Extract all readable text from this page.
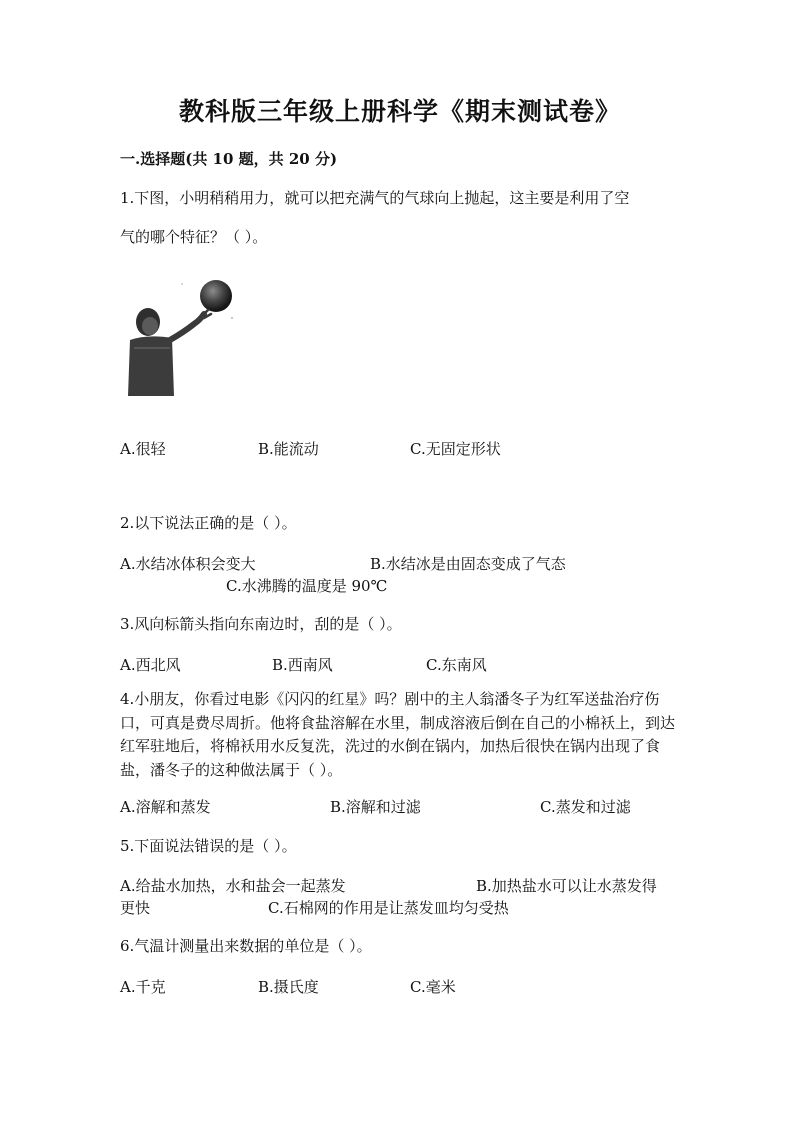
教科版三年级上册科学《期末测试卷》
一.选择题(共 10 题，共 20 分)
1.下图，小明稍稍用力，就可以把充满气的气球向上抛起，这主要是利用了空
气的哪个特征？（ ）。
A.很轻	B.能流动	C.无固定形状
2.以下说法正确的是（ ）。
A.水结冰体积会变大	B.水结冰是由固态变成了气态
C.水沸腾的温度是 90℃
3.风向标箭头指向东南边时，刮的是（ ）。
A.西北风	B.西南风	C.东南风
4.小朋友，你看过电影《闪闪的红星》吗？剧中的主人翁潘冬子为红军送盐治疗伤口，可真是费尽周折。他将食盐溶解在水里，制成溶液后倒在自己的小棉袄上，到达红军驻地后，将棉袄用水反复洗，洗过的水倒在锅内，加热后很快在锅内出现了食盐，潘冬子的这种做法属于（ ）。
A.溶解和蒸发	B.溶解和过滤	C.蒸发和过滤
5.下面说法错误的是（ ）。
A.给盐水加热，水和盐会一起蒸发	B.加热盐水可以让水蒸发得
更快	C.石棉网的作用是让蒸发皿均匀受热
6.气温计测量出来数据的单位是（ ）。
A.千克	B.摄氏度	C.毫米
